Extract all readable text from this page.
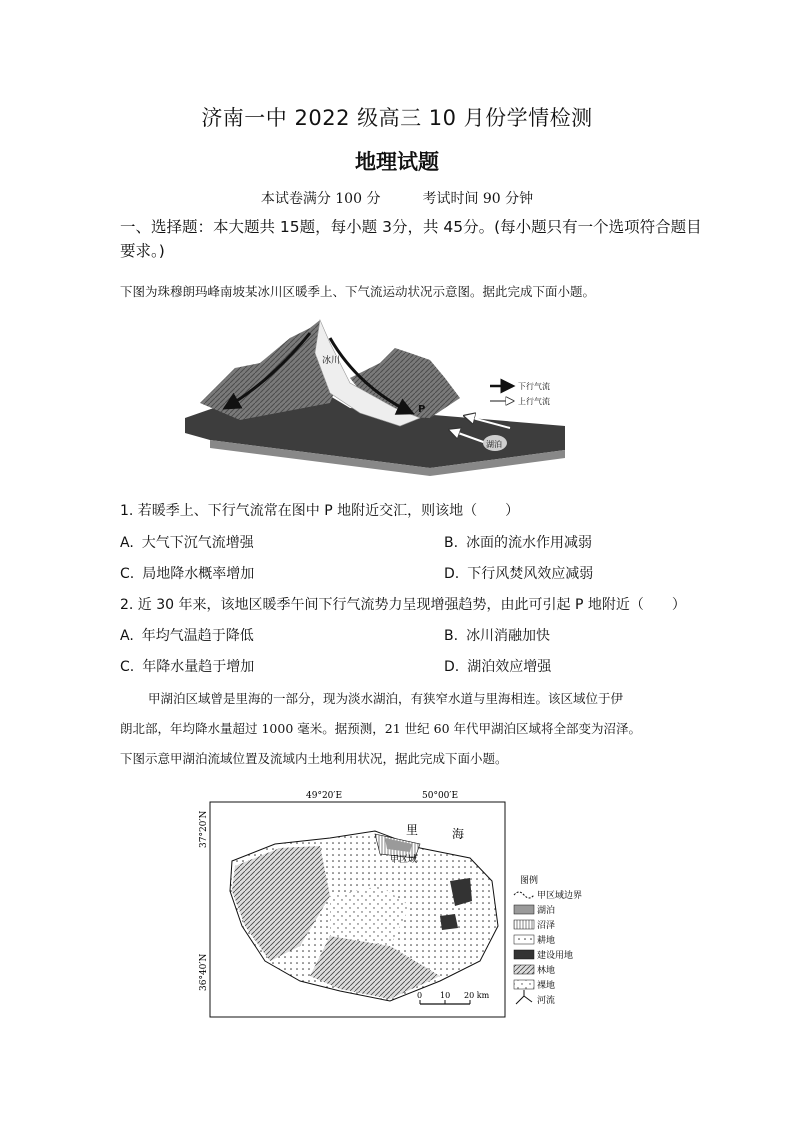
济南一中 2022 级高三 10 月份学情检测
地理试题
本试卷满分 100 分	考试时间 90 分钟
一、选择题：本大题共 15题，每小题 3分，共 45分。(每小题只有一个选项符合题目要求。)
下图为珠穆朗玛峰南坡某冰川区暖季上、下气流运动状况示意图。据此完成下面小题。
湖泊
冰川
P
下行气流
上行气流
1. 若暖季上、下行气流常在图中 P 地附近交汇，则该地（　　）
A. 大气下沉气流增强	B. 冰面的流水作用减弱
C. 局地降水概率增加	D. 下行风焚风效应减弱
2. 近 30 年来，该地区暖季午间下行气流势力呈现增强趋势，由此可引起 P 地附近（　　）
A. 年均气温趋于降低	B. 冰川消融加快
C. 年降水量趋于增加	D. 湖泊效应增强
甲湖泊区域曾是里海的一部分，现为淡水湖泊，有狭窄水道与里海相连。该区域位于伊
朗北部，年均降水量超过 1000 毫米。据预测，21 世纪 60 年代甲湖泊区域将全部变为沼泽。
下图示意甲湖泊流域位置及流域内土地利用状况，据此完成下面小题。
49°20′E	50°00′E
37°20′N
36°40′N
里	海
甲区域
0 10 20 km
图例
甲区域边界
湖泊
沼泽
耕地
建设用地
林地
裸地
河流
